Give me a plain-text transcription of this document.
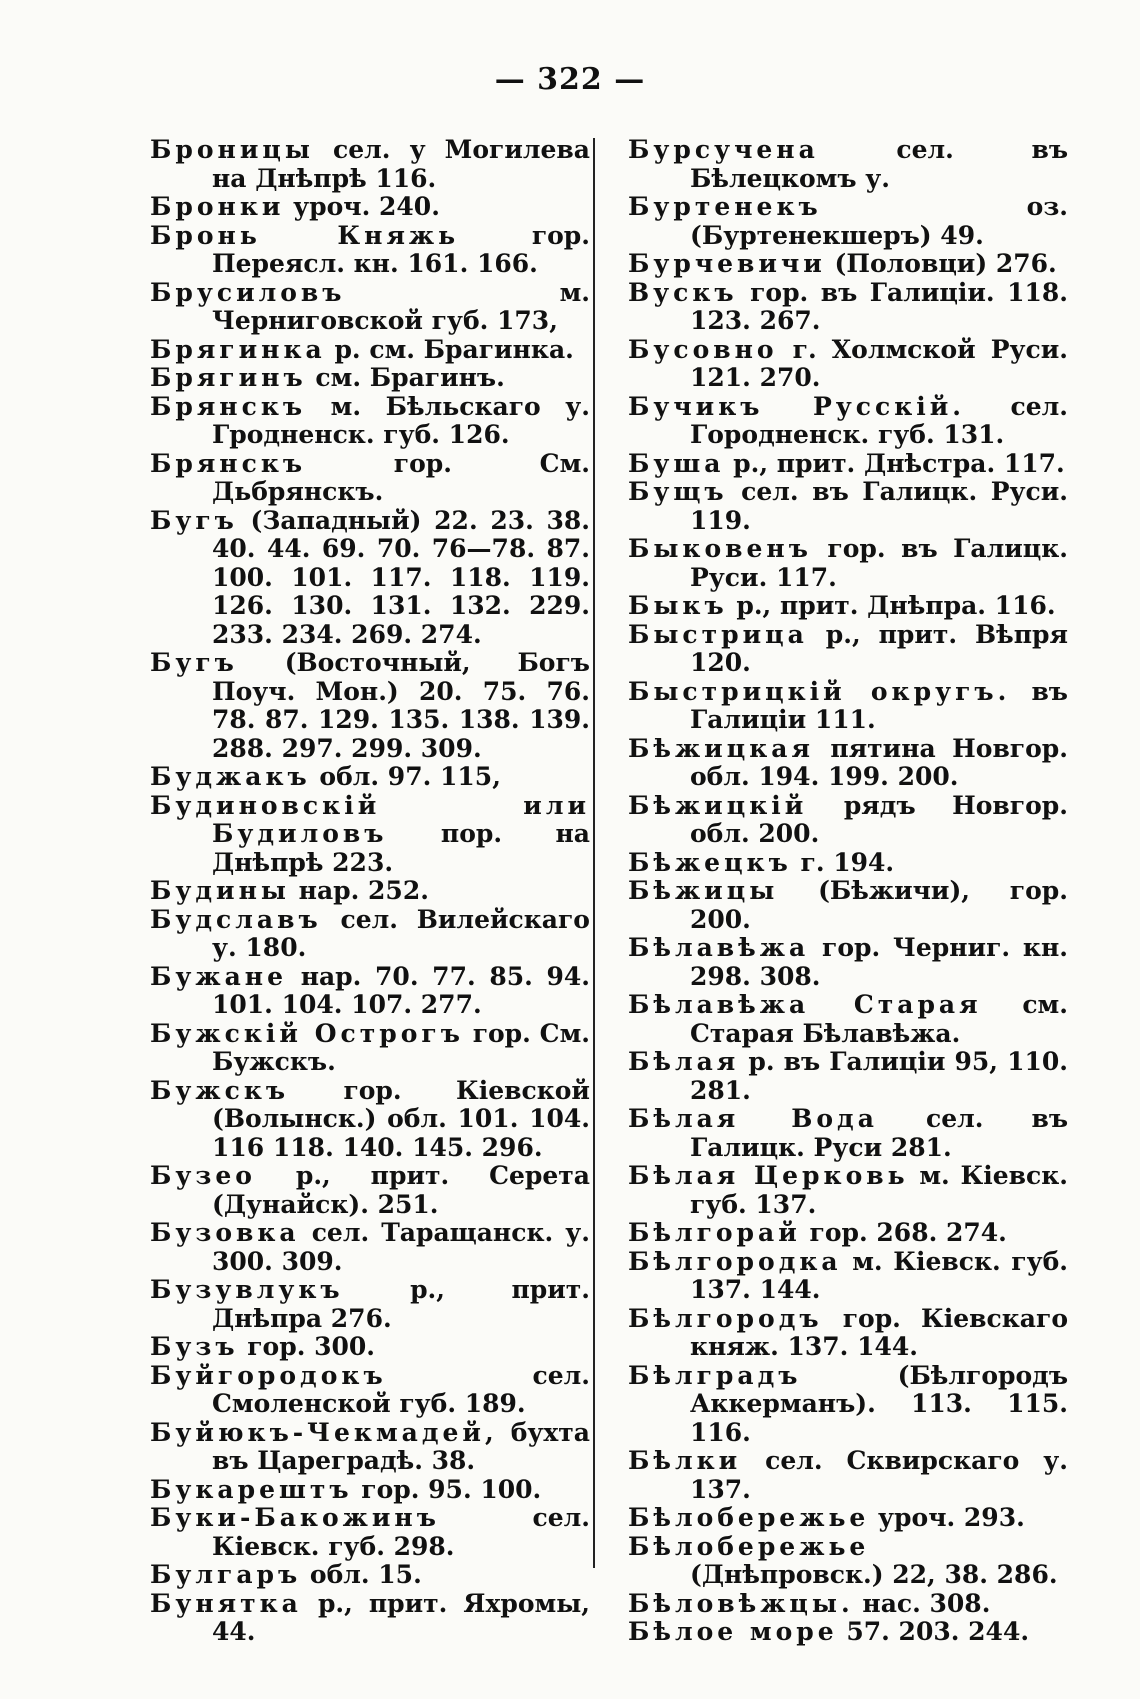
— 322 —
Броницы сел. у Могилева на Днѣпрѣ 116.
Бронки уроч. 240.
Бронь Княжь	гор. Переясл. кн. 161. 166.
Брусиловъ	м. Черниговской губ. 173,
Брягинка р. см. Брагинка.
Брягинъ см. Брагинъ.
Брянскъ м. Бѣльскаго у. Гродненск. губ. 126.
Брянскъ	гор. См. Дьбрянскъ.
Бугъ (Западный) 22. 23. 38. 40. 44. 69. 70. 76—78. 87. 100. 101. 117. 118. 119. 126. 130. 131. 132. 229. 233. 234. 269. 274.
Бугъ (Восточный, Богъ Поуч. Мон.) 20. 75. 76. 78. 87. 129. 135. 138. 139. 288. 297. 299. 309.
Буджакъ обл. 97. 115,
Будиновскій или Будиловъ пор. на Днѣпрѣ 223.
Будины нар. 252.
Будславъ сел. Вилейскаго у. 180.
Бужане нар. 70. 77. 85. 94. 101. 104. 107. 277.
Бужскій Острогъ гор. См. Бужскъ.
Бужскъ гор. Кіевской (Волынск.) обл. 101. 104. 116 118. 140. 145. 296.
Бузео р., прит. Серета (Дунайск). 251.
Бузовка сел. Таращанск. у. 300. 309.
Бузувлукъ	р., прит. Днѣпра 276.
Бузъ гор. 300.
Буйгородокъ	сел. Смоленской губ. 189.
Буйюкъ-Чекмадей, бухта въ Цареградѣ. 38.
Букарештъ гор. 95. 100.
Буки-Бакожинъ	сел. Кіевск. губ. 298.
Булгаръ обл. 15.
Бунятка р., прит. Яхромы, 44.
Бурсучена	сел. въ Бѣлецкомъ у.
Буртенекъ	оз. (Буртенекшеръ) 49.
Бурчевичи (Половци) 276.
Вускъ гор. въ Галиціи. 118. 123. 267.
Бусовно г. Холмской Руси. 121. 270.
Бучикъ Русскій. сел. Городненск. губ. 131.
Буша р., прит. Днѣстра. 117.
Бущъ сел. въ Галицк. Руси. 119.
Быковенъ гор. въ Галицк. Руси. 117.
Быкъ р., прит. Днѣпра. 116.
Быстрица р., прит. Вѣпря 120.
Быстрицкій округъ. въ Галиціи 111.
Бѣжицкая пятина Новгор. обл. 194. 199. 200.
Бѣжицкій рядъ Новгор. обл. 200.
Бѣжецкъ г. 194.
Бѣжицы (Бѣжичи), гор. 200.
Бѣлавѣжа гор. Черниг. кн. 298. 308.
Бѣлавѣжа Старая см. Старая Бѣлавѣжа.
Бѣлая р. въ Галиціи 95, 110. 281.
Бѣлая Вода сел. въ Галицк. Руси 281.
Бѣлая Церковь м. Кіевск. губ. 137.
Бѣлгорай гор. 268. 274.
Бѣлгородка м. Кіевск. губ. 137. 144.
Бѣлгородъ гор. Кіевскаго княж. 137. 144.
Бѣлградъ	(Бѣлгородъ Аккерманъ). 113. 115. 116.
Бѣлки сел. Сквирскаго у. 137.
Бѣлобережье уроч. 293.
Бѣлобережье (Днѣпровск.) 22, 38. 286.
Бѣловѣжцы. нас. 308.
Бѣлое море 57. 203. 244.
